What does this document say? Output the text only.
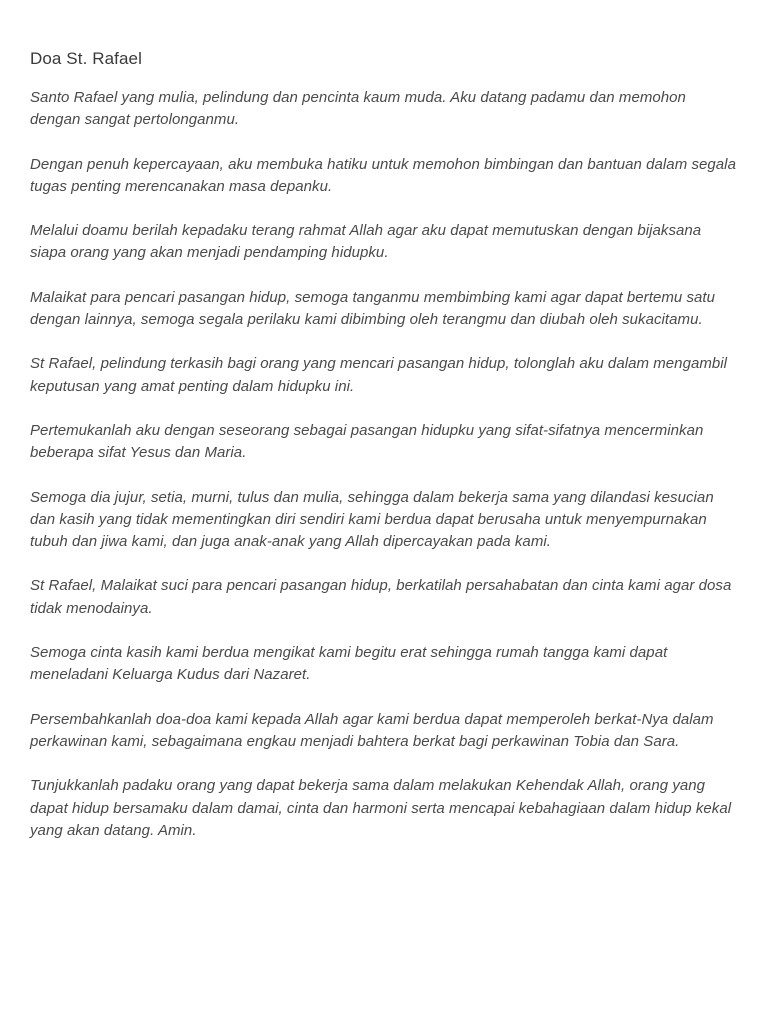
Doa St. Rafael

Santo Rafael yang mulia, pelindung dan pencinta kaum muda. Aku datang padamu dan memohon dengan sangat pertolonganmu.

Dengan penuh kepercayaan, aku membuka hatiku untuk memohon bimbingan dan bantuan dalam segala tugas penting merencanakan masa depanku.

Melalui doamu berilah kepadaku terang rahmat Allah agar aku dapat memutuskan dengan bijaksana siapa orang yang akan menjadi pendamping hidupku.

Malaikat para pencari pasangan hidup, semoga tanganmu membimbing kami agar dapat bertemu satu dengan lainnya, semoga segala perilaku kami dibimbing oleh terangmu dan diubah oleh sukacitamu.

St Rafael, pelindung terkasih bagi orang yang mencari pasangan hidup, tolonglah aku dalam mengambil keputusan yang amat penting dalam hidupku ini.

Pertemukanlah aku dengan seseorang sebagai pasangan hidupku yang sifat-sifatnya mencerminkan beberapa sifat Yesus dan Maria.

Semoga dia jujur, setia, murni, tulus dan mulia, sehingga dalam bekerja sama yang dilandasi kesucian dan kasih yang tidak mementingkan diri sendiri kami berdua dapat berusaha untuk menyempurnakan tubuh dan jiwa kami, dan juga anak-anak yang Allah dipercayakan pada kami.

St Rafael, Malaikat suci para pencari pasangan hidup, berkatilah persahabatan dan cinta kami agar dosa tidak menodainya.

Semoga cinta kasih kami berdua mengikat kami begitu erat sehingga rumah tangga kami dapat meneladani Keluarga Kudus dari Nazaret.

Persembahkanlah doa-doa kami kepada Allah agar kami berdua dapat memperoleh berkat-Nya dalam perkawinan kami, sebagaimana engkau menjadi bahtera berkat bagi perkawinan Tobia dan Sara.

Tunjukkanlah padaku orang yang dapat bekerja sama dalam melakukan Kehendak Allah, orang yang dapat hidup bersamaku dalam damai, cinta dan harmoni serta mencapai kebahagiaan dalam hidup kekal yang akan datang. Amin.
